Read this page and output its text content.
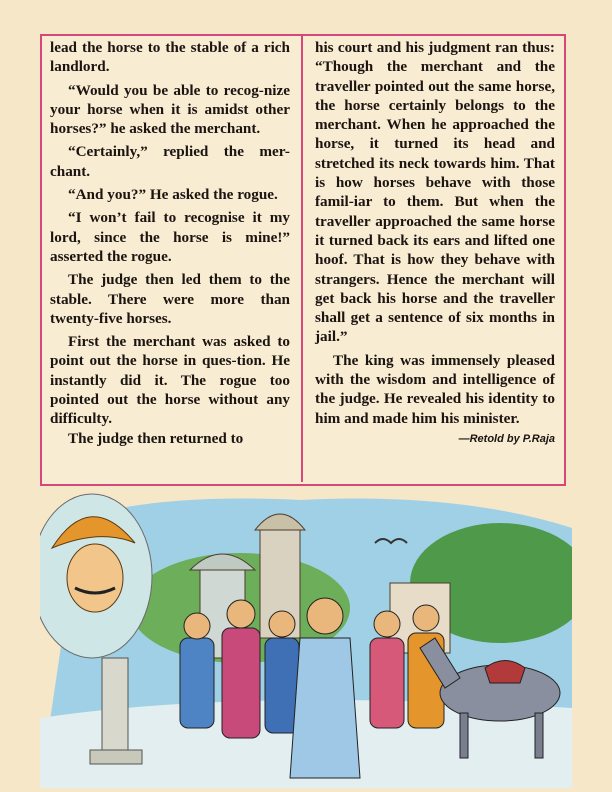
lead the horse to the stable of a rich landlord.

“Would you be able to recog-nize your horse when it is amidst other horses?” he asked the merchant.

“Certainly,” replied the mer-chant.

“And you?” He asked the rogue.

“I won’t fail to recognise it my lord, since the horse is mine!” asserted the rogue.

The judge then led them to the stable. There were more than twenty-five horses.

First the merchant was asked to point out the horse in ques-tion. He instantly did it. The rogue too pointed out the horse without any difficulty.

The judge then returned to

his court and his judgment ran thus: “Though the merchant and the traveller pointed out the same horse, the horse certainly belongs to the merchant. When he approached the horse, it turned its head and stretched its neck towards him. That is how horses behave with those famil-iar to them. But when the traveller approached the same horse it turned back its ears and lifted one hoof. That is how they behave with strangers. Hence the merchant will get back his horse and the traveller shall get a sentence of six months in jail.”

The king was immensely pleased with the wisdom and intelligence of the judge. He revealed his identity to him and made him his minister.

—Retold by P.Raja
